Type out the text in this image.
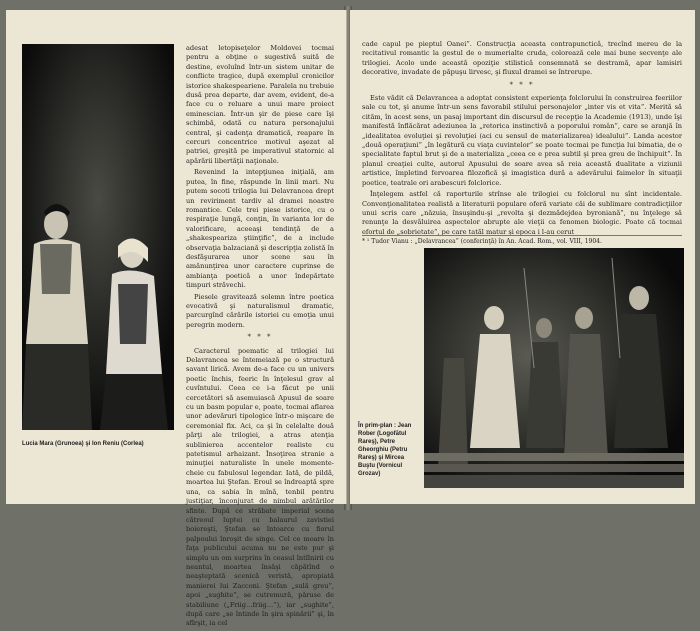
Lucia Mara (Grunoea) şi Ion Reniu (Corlea)

adesat letopiseţelor Moldovei tocmai pentru a obţine o sugestivă suită de destine, evoluînd într-un sistem unitar de conflicte tragice, după exemplul cronicilor istorice shakespeariene. Paralela nu trebuie dusă prea departe, dar avem, evident, de-a face cu o reluare a unui mare proiect eminescian. Într-un şir de piese care îşi schimbă, odată cu natura personajului central, şi cadenţa dramatică, reapare în cercuri concentrice motivul aşezat al patriei, greşită pe imperativul statornic al apărării libertăţii naţionale.

Revenind la intepţiunea iniţială, am putea, în fine, răspunde în linii mari. Nu putem socoti trilogia lui Delavrancea drept un reviriment tardiv al dramei noastre romantice. Cele trei piese istorice, cu o respiraţie lungă, conţin, în varianta lor de valorificare, aceeaşi tendinţă de a „shakespeariza ştiinţific”, de a include observaţia balzaciană şi descripţia zolistă în desfăşurarea unor scene sau în amănunţirea unor caractere cuprinse de ambianţa poetică a unor îndepărtate timpuri străvechi.

Piesele gravitează solemn între poetica evocativă şi naturalismul dramatic, parcurgînd cărările istoriei cu emoţia unui peregrin modern.

* * *

Caracterul poematic al trilogiei lui Delavrancea se întemeiază pe o structură savant lirică. Avem de-a face cu un univers poetic închis, feeric în înţelesul grav al cuvîntului. Ceea ce i-a făcut pe unii cercetători să asemuiască Apusul de soare cu un basm popular e, poate, tocmai aflarea unor adevăruri tipologice într-o mişcare de ceremonial fix. Aci, ca şi în celelalte două părţi ale trilogiei, a atras atenţia sublinierea accentelor realiste cu patetismul arhaizant. Însoţirea stranie a minuţiei naturaliste în unele momente-cheie cu fabulosul legendar. Iată, de pildă, moartea lui Ştefan. Eroul se îndreaptă spre una, ca sabia în mînă, tenbil pentru justiţiar, înconjurat de nimbul arătărilor sfinte. După ce străbate imperial scena cătreoul luptei cu balaurul zavistiei boiereşti, Ştefan se întoarce cu fiorul palpoului înroşit de singe. Cel ce moare în faţa publicului acuma nu ne este pur şi simplu un om surprins în ceasul întîlnirii cu neantul, moartea însăşi căpătînd o neaşteptată scenică veristă, apropiată manierei lui Zacconi. Ştefan „sulă greu”, apoi „sughite”, se cutremură, păruse de stabiliune („Friig…friig…”), iar „sughite”, după care „se întinde în şira spinării” şi, în sfîrşit, ia cel

cade capul pe pieptul Oanei”. Construcţia aceasta contrapunctică, trecînd mereu de la recitativul romantic la gestul de o mumerialte cruda, colorează cele mai bune secvenţe ale trilogiei. Acolo unde această opoziţie stilistică consemnată se destramă, apar lamisiri decorative, invadate de păpuşu lirvesc, şi fluxul dramei se întrerupe.

* * *

Este vădit că Delavrancea a adoptat consistent experienţa folclorului în construirea feeriilor sale cu tot, şi anume într-un sens favorabil stilului personajelor „inter vis et vita”. Merită să cităm, în acest sens, un pasaj important din discursul de recepţie la Academie (1913), unde îşi manifestă înflăcărat adeziunea la „retorica instinctivă a poporului român”, care se aranjă în „idealitatea evoluţiei şi revoluţiei (aci cu sensul de materializarea) idealului”. Landa acestor „două operaţiuni” „în legătură cu viaţa cuvintelor” se poate tocmai pe funcţia lui bimatia, de o specialitate faptul brut şi de a materializa „ceea ce e prea subtil şi prea greu de închipuit”. În planul creaţiei culte, autorul Apusului de soare avea să reia această dualitate a viziunii artistice, împletind fervoarea filozofică şi imagistica dură a adevărului faimelor în situaţii poetice, teatrale ori arabescuri folclorice.

Înţelegem astfel că raporturile strînse ale trilogiei cu folclorul nu sînt incidentale. Convenţionalitatea realistă a literaturii populare oferă variate căi de sublimare contradicţiilor unui scris care „năzuia, însuşindu-şi „revolta şi dezmădejdea byroniană”, nu înţelege să renunţe la desvăluirea aspectelor abrupte ale vieţii ca fenomen biologic. Poate că tocmai efortul de „sobrietate”, pe care tatăl matur şi epoca i l-au cerut

* ¹ Tudor Vianu : „Delavrancea” (conferinţă) în An. Acad. Rom., vol. VIII, 1904.
În prim-plan : Jean Rober (Logofătul Rareş), Petre Gheorghiu (Petru Rareş) şi Mircea Buştu (Vornicul Grozav)
